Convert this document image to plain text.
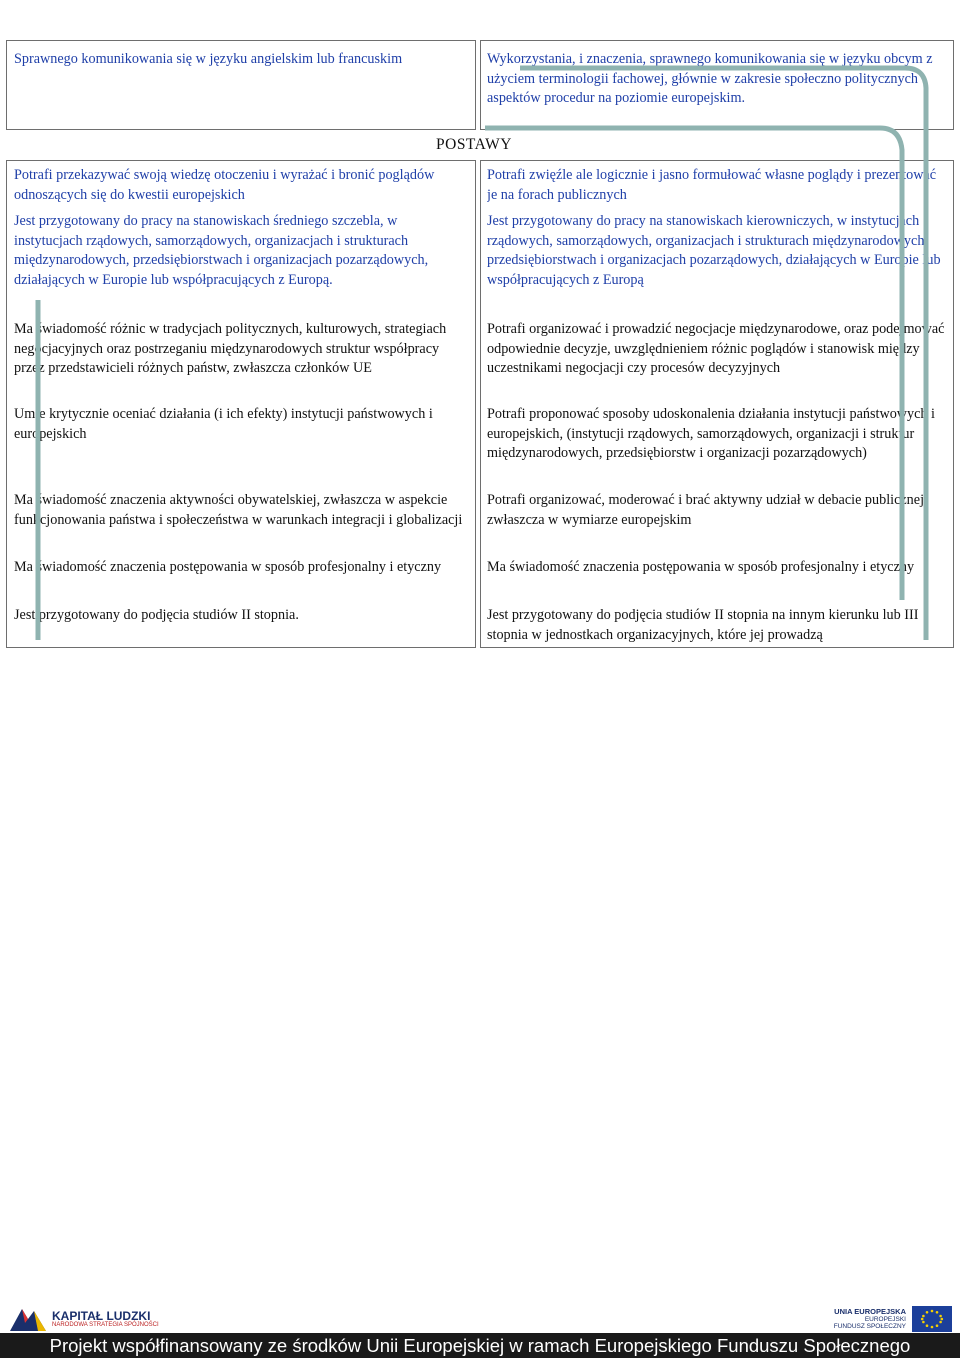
POSTAWY
Sprawnego komunikowania się w języku angielskim lub francuskim
Potrafi przekazywać swoją wiedzę otoczeniu i wyrażać i bronić poglądów odnoszących się do kwestii europejskich
Jest przygotowany do pracy na stanowiskach średniego szczebla, w instytucjach rządowych, samorządowych, organizacjach i strukturach międzynarodowych, przedsiębiorstwach i organizacjach pozarządowych, działających w Europie lub współpracujących z Europą.
Ma świadomość różnic w tradycjach politycznych, kulturowych, strategiach negocjacyjnych oraz postrzeganiu międzynarodowych struktur współpracy przez przedstawicieli różnych państw, zwłaszcza członków UE
Umie krytycznie oceniać działania (i ich efekty) instytucji państwowych i europejskich
Ma świadomość znaczenia aktywności obywatelskiej, zwłaszcza w aspekcie funkcjonowania państwa i społeczeństwa w warunkach integracji i globalizacji
Ma świadomość znaczenia postępowania w sposób profesjonalny i etyczny
Jest przygotowany do podjęcia studiów II stopnia.
Wykorzystania, i znaczenia, sprawnego komunikowania się w języku obcym z użyciem terminologii fachowej, głównie w zakresie społeczno politycznych aspektów procedur na poziomie europejskim.
Potrafi zwięźle ale logicznie i jasno formułować własne poglądy i prezentować je na forach publicznych
Jest przygotowany do pracy na stanowiskach kierowniczych, w instytucjach rządowych, samorządowych, organizacjach i strukturach międzynarodowych, przedsiębiorstwach i organizacjach pozarządowych, działających w Europie lub współpracujących z Europą
Potrafi organizować i prowadzić negocjacje międzynarodowe, oraz podejmować odpowiednie decyzje, uwzględnieniem różnic poglądów i stanowisk między uczestnikami negocjacji czy procesów decyzyjnych
Potrafi proponować sposoby udoskonalenia działania instytucji państwowych i europejskich, (instytucji rządowych, samorządowych, organizacji i struktur międzynarodowych, przedsiębiorstw i organizacji pozarządowych)
Potrafi organizować, moderować i brać aktywny udział w debacie publicznej, zwłaszcza w wymiarze europejskim
Ma świadomość znaczenia postępowania w sposób profesjonalny i etyczny
Jest przygotowany do podjęcia studiów II stopnia na innym kierunku lub III stopnia w jednostkach organizacyjnych, które jej prowadzą
KAPITAŁ LUDZKI
NARODOWA STRATEGIA SPÓJNOŚCI
UNIA EUROPEJSKA
EUROPEJSKI
FUNDUSZ SPOŁECZNY
Projekt współfinansowany ze środków Unii Europejskiej w ramach Europejskiego Funduszu Społecznego
